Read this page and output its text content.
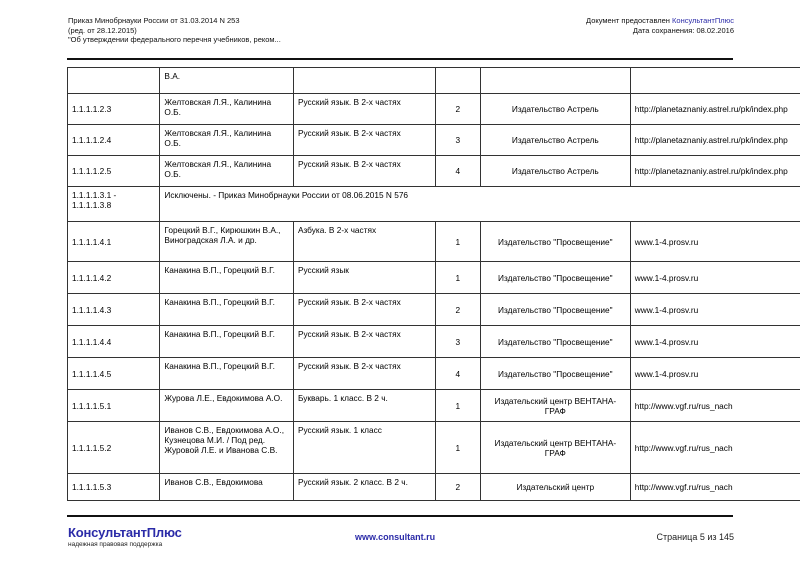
Приказ Минобрнауки России от 31.03.2014 N 253
(ред. от 28.12.2015)
"Об утверждении федерального перечня учебников, реком...
Документ предоставлен КонсультантПлюс
Дата сохранения: 08.02.2016
	В.А.				
1.1.1.1.2.3	Желтовская Л.Я., Калинина О.Б.	Русский язык. В 2-х частях	2	Издательство Астрель	http://planetaznaniy.astrel.ru/pk/index.php
1.1.1.1.2.4	Желтовская Л.Я., Калинина О.Б.	Русский язык. В 2-х частях	3	Издательство Астрель	http://planetaznaniy.astrel.ru/pk/index.php
1.1.1.1.2.5	Желтовская Л.Я., Калинина О.Б.	Русский язык. В 2-х частях	4	Издательство Астрель	http://planetaznaniy.astrel.ru/pk/index.php
1.1.1.1.3.1 - 1.1.1.1.3.8	Исключены. - Приказ Минобрнауки России от 08.06.2015 N 576				
1.1.1.1.4.1	Горецкий В.Г., Кирюшкин В.А., Виноградская Л.А. и др.	Азбука. В 2-х частях	1	Издательство "Просвещение"	www.1-4.prosv.ru
1.1.1.1.4.2	Канакина В.П., Горецкий В.Г.	Русский язык	1	Издательство "Просвещение"	www.1-4.prosv.ru
1.1.1.1.4.3	Канакина В.П., Горецкий В.Г.	Русский язык. В 2-х частях	2	Издательство "Просвещение"	www.1-4.prosv.ru
1.1.1.1.4.4	Канакина В.П., Горецкий В.Г.	Русский язык. В 2-х частях	3	Издательство "Просвещение"	www.1-4.prosv.ru
1.1.1.1.4.5	Канакина В.П., Горецкий В.Г.	Русский язык. В 2-х частях	4	Издательство "Просвещение"	www.1-4.prosv.ru
1.1.1.1.5.1	Журова Л.Е., Евдокимова А.О.	Букварь. 1 класс. В 2 ч.	1	Издательский центр ВЕНТАНА-ГРАФ	http://www.vgf.ru/rus_nach
1.1.1.1.5.2	Иванов С.В., Евдокимова А.О., Кузнецова М.И. / Под ред. Журовой Л.Е. и Иванова С.В.	Русский язык. 1 класс	1	Издательский центр ВЕНТАНА-ГРАФ	http://www.vgf.ru/rus_nach
1.1.1.1.5.3	Иванов С.В., Евдокимова	Русский язык. 2 класс. В 2 ч.	2	Издательский центр	http://www.vgf.ru/rus_nach
КонсультантПлюс
надежная правовая поддержка
www.consultant.ru	Страница 5 из 145
